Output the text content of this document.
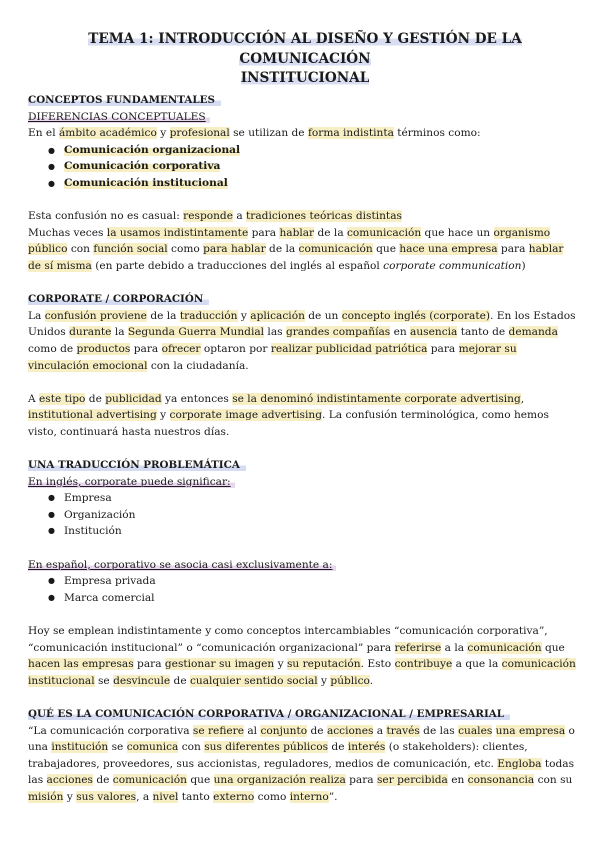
TEMA 1: INTRODUCCIÓN AL DISEÑO Y GESTIÓN DE LA COMUNICACIÓN
INSTITUCIONAL

CONCEPTOS FUNDAMENTALES

DIFERENCIAS CONCEPTUALES

En el ámbito académico y profesional se utilizan de forma indistinta términos como:

● Comunicación organizacional
● Comunicación corporativa
● Comunicación institucional

Esta confusión no es casual: responde a tradiciones teóricas distintas

Muchas veces la usamos indistintamente para hablar de la comunicación que hace un organismo público con función social como para hablar de la comunicación que hace una empresa para hablar de sí misma (en parte debido a traducciones del inglés al español corporate communication)

CORPORATE / CORPORACIÓN

La confusión proviene de la traducción y aplicación de un concepto inglés (corporate). En los Estados Unidos durante la Segunda Guerra Mundial las grandes compañías en ausencia tanto de demanda como de productos para ofrecer optaron por realizar publicidad patriótica para mejorar su vinculación emocional con la ciudadanía.

A este tipo de publicidad ya entonces se la denominó indistintamente corporate advertising, institutional advertising y corporate image advertising. La confusión terminológica, como hemos visto, continuará hasta nuestros días.

UNA TRADUCCIÓN PROBLEMÁTICA

En inglés, corporate puede significar:

● Empresa
● Organización
● Institución

En español, corporativo se asocia casi exclusivamente a:

● Empresa privada
● Marca comercial

Hoy se emplean indistintamente y como conceptos intercambiables “comunicación corporativa”, “comunicación institucional” o “comunicación organizacional” para referirse a la comunicación que hacen las empresas para gestionar su imagen y su reputación. Esto contribuye a que la comunicación institucional se desvincule de cualquier sentido social y público.

QUÉ ES LA COMUNICACIÓN CORPORATIVA / ORGANIZACIONAL / EMPRESARIAL

“La comunicación corporativa se refiere al conjunto de acciones a través de las cuales una empresa o una institución se comunica con sus diferentes públicos de interés (o stakeholders): clientes, trabajadores, proveedores, sus accionistas, reguladores, medios de comunicación, etc. Engloba todas las acciones de comunicación que una organización realiza para ser percibida en consonancia con su misión y sus valores, a nivel tanto externo como interno”.
